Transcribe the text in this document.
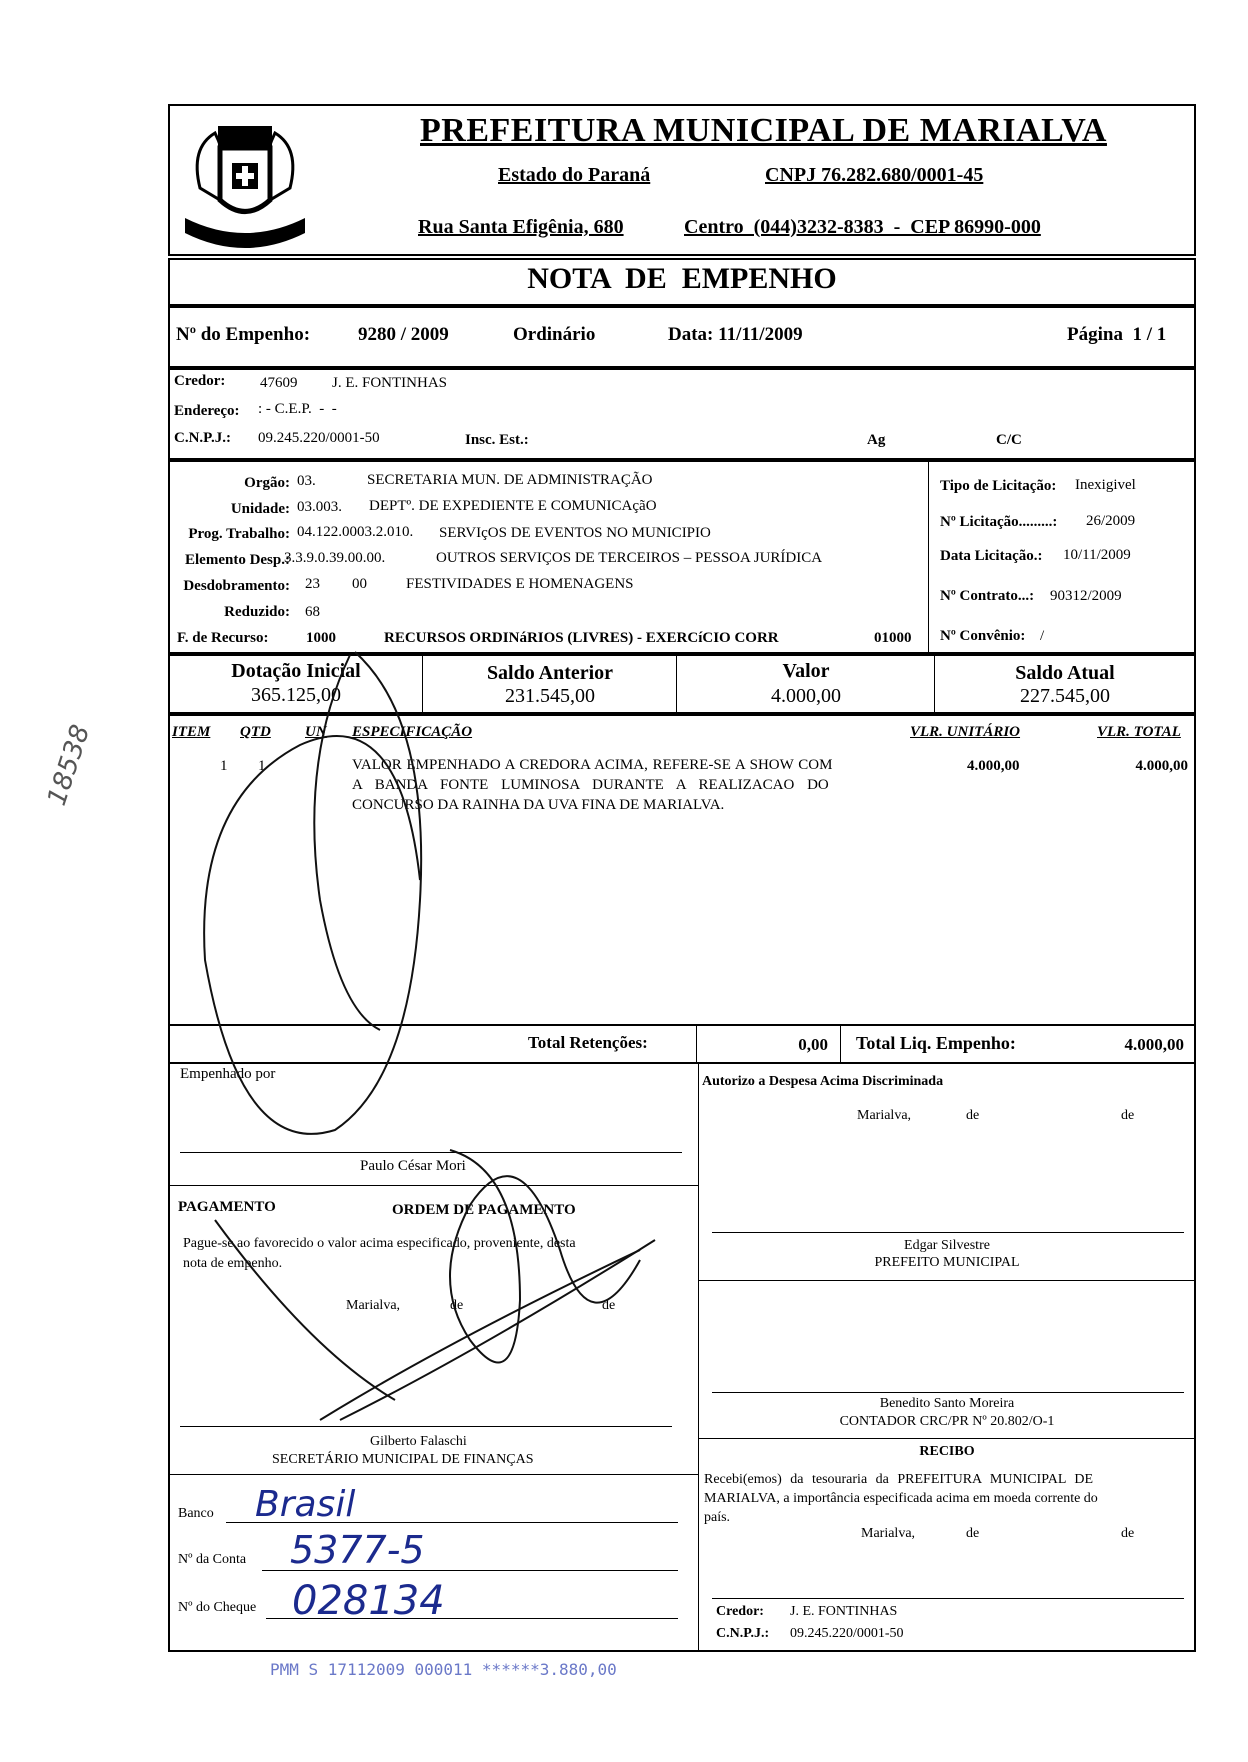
PREFEITURA MUNICIPAL DE MARIALVA
Estado do Paraná	CNPJ 76.282.680/0001-45
Rua Santa Efigênia, 680	Centro  (044)3232-8383  -  CEP 86990-000
NOTA  DE  EMPENHO
Nº do Empenho:	9280 / 2009	Ordinário	Data: 11/11/2009	Página  1 / 1
Credor: 47609 J. E. FONTINHAS
Endereço: : - C.E.P.  -  -
C.N.P.J.: 09.245.220/0001-50	Insc. Est.:	Ag	C/C
Orgão: 03.	SECRETARIA MUN. DE ADMINISTRAÇÃO
Unidade: 03.003. DEPTº. DE EXPEDIENTE E COMUNICAçãO
Prog. Trabalho: 04.122.0003.2.010. SERVIçOS DE EVENTOS NO MUNICIPIO
Elemento Desp.:
3.3.9.0.39.00.00.	OUTROS SERVIÇOS DE TERCEIROS – PESSOA JURÍDICA
Desdobramento: 23 00	FESTIVIDADES E HOMENAGENS
Reduzido: 68
F. de Recurso: 1000	RECURSOS ORDINáRIOS (LIVRES) - EXERCíCIO CORR	01000
Tipo de Licitação: Inexigivel
Nº Licitação.........: 26/2009
Data Licitação.: 10/11/2009
Nº Contrato...: 90312/2009
Nº Convênio: /
Dotação Inicial
365.125,00
Saldo Anterior
231.545,00
Valor
4.000,00
Saldo Atual
227.545,00
ITEM QTD UN ESPECIFICAÇÃO	VLR. UNITÁRIO	VLR. TOTAL
1 1	VALOR EMPENHADO A CREDORA ACIMA, REFERE-SE A SHOW COM
A BANDA FONTE LUMINOSA DURANTE A REALIZACAO DO
CONCURSO DA RAINHA DA UVA FINA DE MARIALVA.
4.000,00	4.000,00
Total Retenções:	0,00 Total Liq. Empenho:	4.000,00
Empenhado por
Paulo César Mori
PAGAMENTO	ORDEM DE PAGAMENTO
Pague-se ao favorecido o valor acima especificado, proveniente, desta
nota de empenho.
Marialva,	de	de
Gilberto Falaschi
SECRETÁRIO MUNICIPAL DE FINANÇAS
Banco Brasil
Nº da Conta 5377-5
Nº do Cheque 028134
Autorizo a Despesa Acima Discriminada
Marialva,	de	de
Edgar Silvestre
PREFEITO MUNICIPAL
Benedito Santo Moreira
CONTADOR CRC/PR Nº 20.802/O-1
RECIBO
Recebi(emos) da tesouraria da PREFEITURA MUNICIPAL DE
MARIALVA, a importância especificada acima em moeda corrente do
país.
Marialva,	de	de
Credor: J. E. FONTINHAS
C.N.P.J.: 09.245.220/0001-50
18538
PMM S 17112009 000011 ******3.880,00
